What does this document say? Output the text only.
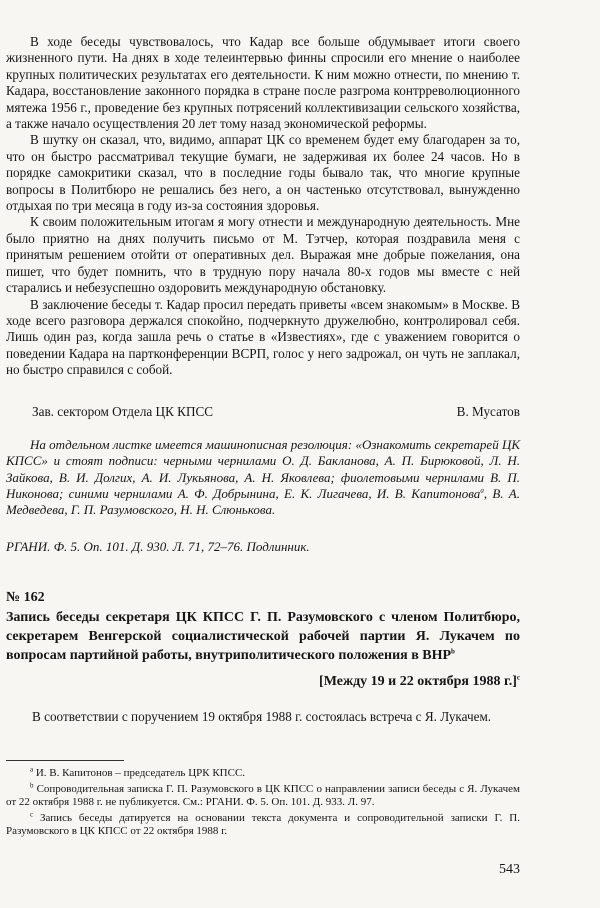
В ходе беседы чувствовалось, что Кадар все больше обдумывает итоги своего жизненного пути. На днях в ходе телеинтервью финны спросили его мнение о наиболее крупных политических результатах его деятельности. К ним можно отнести, по мнению т. Кадара, восстановление законного порядка в стране после разгрома контрреволюционного мятежа 1956 г., проведение без крупных потрясений коллективизации сельского хозяйства, а также начало осуществления 20 лет тому назад экономической реформы.

В шутку он сказал, что, видимо, аппарат ЦК со временем будет ему благодарен за то, что он быстро рассматривал текущие бумаги, не задерживая их более 24 часов. Но в порядке самокритики сказал, что в последние годы бывало так, что многие крупные вопросы в Политбюро не решались без него, а он частенько отсутствовал, вынужденно отдыхая по три месяца в году из-за состояния здоровья.

К своим положительным итогам я могу отнести и международную деятельность. Мне было приятно на днях получить письмо от М. Тэтчер, которая поздравила меня с принятым решением отойти от оперативных дел. Выражая мне добрые пожелания, она пишет, что будет помнить, что в трудную пору начала 80-х годов мы вместе с ней старались и небезуспешно оздоровить международную обстановку.

В заключение беседы т. Кадар просил передать приветы «всем знакомым» в Москве. В ходе всего разговора держался спокойно, подчеркнуто дружелюбно, контролировал себя. Лишь один раз, когда зашла речь о статье в «Известиях», где с уважением говорится о поведении Кадара на партконференции ВСРП, голос у него задрожал, он чуть не заплакал, но быстро справился с собой.

Зав. сектором Отдела ЦК КПСС	В. Мусатов
На отдельном листке имеется машинописная резолюция: «Ознакомить секретарей ЦК КПСС» и стоят подписи: черными чернилами О. Д. Бакланова, А. П. Бирюковой, Л. Н. Зайкова, В. И. Долгих, А. И. Лукьянова, А. Н. Яковлева; фиолетовыми чернилами В. П. Никонова; синими чернилами А. Ф. Добрынина, Е. К. Лигачева, И. В. Капитонова$^a$, В. А. Медведева, Г. П. Разумовского, Н. Н. Слюнькова.
РГАНИ. Ф. 5. Оп. 101. Д. 930. Л. 71, 72–76. Подлинник.
№ 162
Запись беседы секретаря ЦК КПСС Г. П. Разумовского с членом Политбюро, секретарем Венгерской социалистической рабочей партии Я. Лукачем по вопросам партийной работы, внутриполитического положения в ВНР$^b$
[Между 19 и 22 октября 1988 г.]$^c$
В соответствии с поручением 19 октября 1988 г. состоялась встреча с Я. Лукачем.
$^a$ И. В. Капитонов – председатель ЦРК КПСС.
$^b$ Сопроводительная записка Г. П. Разумовского в ЦК КПСС о направлении записи беседы с Я. Лукачем от 22 октября 1988 г. не публикуется. См.: РГАНИ. Ф. 5. Оп. 101. Д. 933. Л. 97.
$^c$ Запись беседы датируется на основании текста документа и сопроводительной записки Г. П. Разумовского в ЦК КПСС от 22 октября 1988 г.
543
